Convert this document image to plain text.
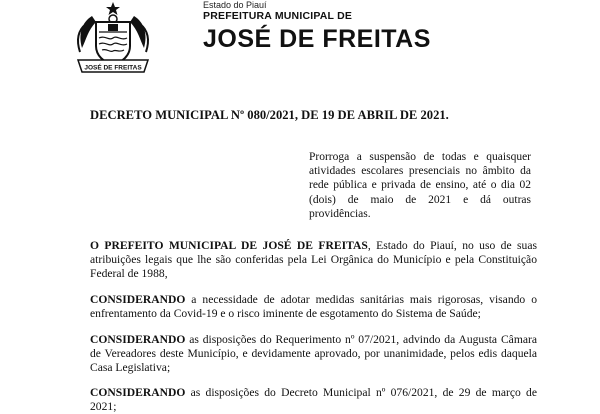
JOSÉ DE FREITAS
Estado do Piauí
PREFEITURA MUNICIPAL DE
JOSÉ DE FREITAS
DECRETO MUNICIPAL Nº 080/2021, DE 19 DE ABRIL DE 2021.
Prorroga a suspensão de todas e quaisquer atividades escolares presenciais no âmbito da rede pública e privada de ensino, até o dia 02 (dois) de maio de 2021 e dá outras providências.
O PREFEITO MUNICIPAL DE JOSÉ DE FREITAS, Estado do Piauí, no uso de suas atribuições legais que lhe são conferidas pela Lei Orgânica do Município e pela Constituição Federal de 1988,
CONSIDERANDO a necessidade de adotar medidas sanitárias mais rigorosas, visando o enfrentamento da Covid-19 e o risco iminente de esgotamento do Sistema de Saúde;
CONSIDERANDO as disposições do Requerimento nº 07/2021, advindo da Augusta Câmara de Vereadores deste Município, e devidamente aprovado, por unanimidade, pelos edis daquela Casa Legislativa;
CONSIDERANDO as disposições do Decreto Municipal nº 076/2021, de 29 de março de 2021;
